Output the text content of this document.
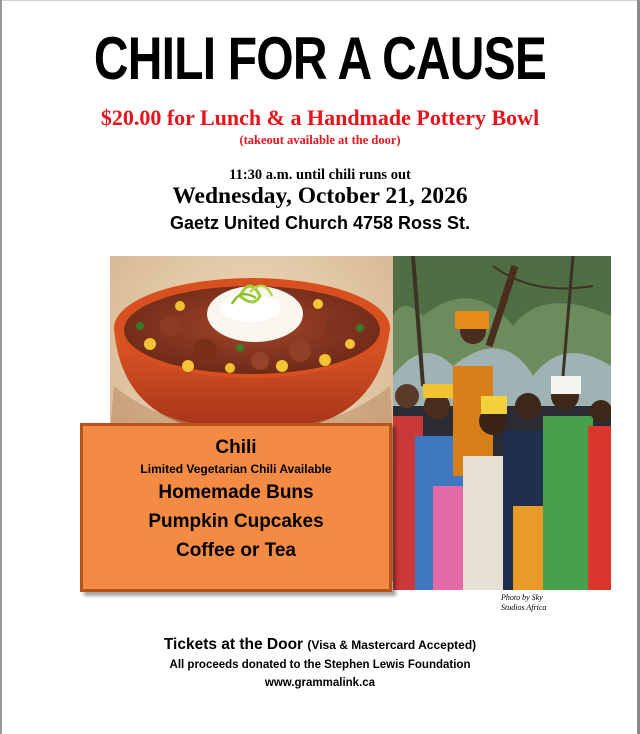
CHILI FOR A CAUSE
$20.00 for Lunch & a Handmade Pottery Bowl
(takeout available at the door)
11:30 a.m. until chili runs out
Wednesday, October 21, 2026
Gaetz United Church 4758 Ross St.
Chili
Limited Vegetarian Chili Available
Homemade Buns
Pumpkin Cupcakes
Coffee or Tea
Photo by Sky
Studios Africa
Tickets at the Door (Visa & Mastercard Accepted)
All proceeds donated to the Stephen Lewis Foundation
www.grammalink.ca
